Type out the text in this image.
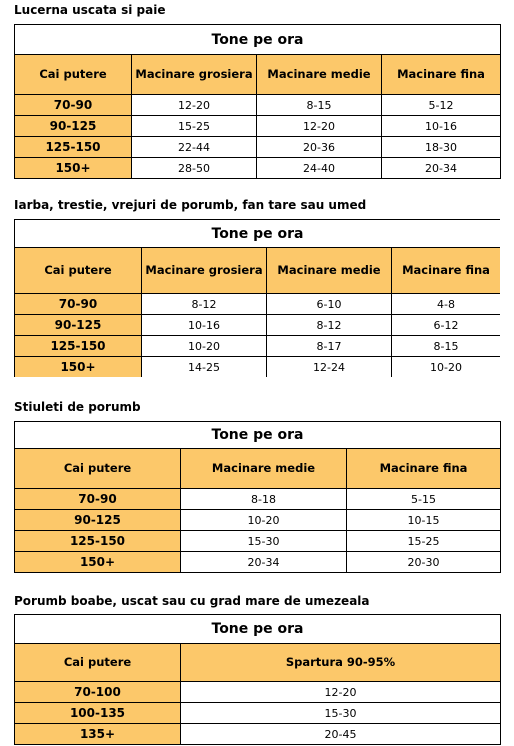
Lucerna uscata si paie
Tone pe ora			
Cai putere	Macinare grosiera	Macinare medie	Macinare fina
70-90	12-20	8-15	5-12
90-125	15-25	12-20	10-16
125-150	22-44	20-36	18-30
150+	28-50	24-40	20-34
Iarba, trestie, vrejuri de porumb, fan tare sau umed
Tone pe ora			
Cai putere	Macinare grosiera	Macinare medie	Macinare fina
70-90	8-12	6-10	4-8
90-125	10-16	8-12	6-12
125-150	10-20	8-17	8-15
150+	14-25	12-24	10-20
Stiuleti de porumb
Tone pe ora		
Cai putere	Macinare medie	Macinare fina
70-90	8-18	5-15
90-125	10-20	10-15
125-150	15-30	15-25
150+	20-34	20-30
Porumb boabe, uscat sau cu grad mare de umezeala
Tone pe ora	
Cai putere	Spartura 90-95%
70-100	12-20
100-135	15-30
135+	20-45
